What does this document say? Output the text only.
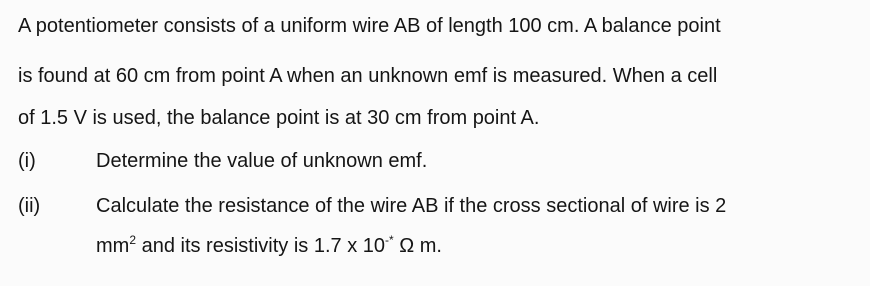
A potentiometer consists of a uniform wire AB of length 100 cm. A balance point
is found at 60 cm from point A when an unknown emf is measured. When a cell
of 1.5 V is used, the balance point is at 30 cm from point A.
(i)	Determine the value of unknown emf.
(ii)	Calculate the resistance of the wire AB if the cross sectional of wire is 2
$mm^2$ and its resistivity is 1.7 x 10-* Ω m.
